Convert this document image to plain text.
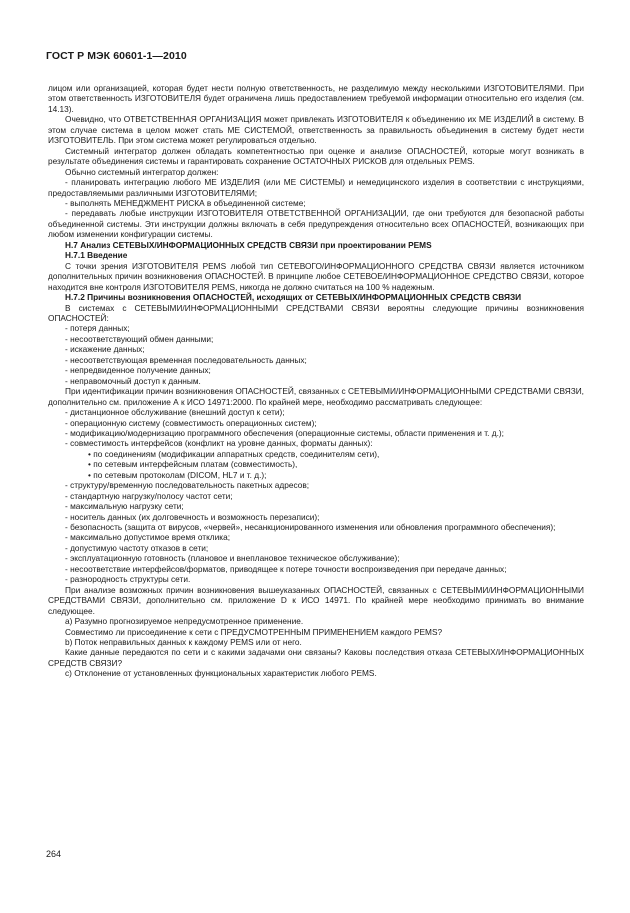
ГОСТ Р МЭК 60601-1—2010

лицом или организацией, которая будет нести полную ответственность, не разделимую между несколькими ИЗГОТОВИТЕЛЯМИ. При этом ответственность ИЗГОТОВИТЕЛЯ будет ограничена лишь предоставлением требуемой информации относительно его изделия (см. 14.13).

Очевидно, что ОТВЕТСТВЕННАЯ ОРГАНИЗАЦИЯ может привлекать ИЗГОТОВИТЕЛЯ к объединению их ME ИЗДЕЛИЙ в систему. В этом случае система в целом может стать ME СИСТЕМОЙ, ответственность за правильность объединения в систему будет нести ИЗГОТОВИТЕЛЬ. При этом система может регулироваться отдельно.

Системный интегратор должен обладать компетентностью при оценке и анализе ОПАСНОСТЕЙ, которые могут возникать в результате объединения системы и гарантировать сохранение ОСТАТОЧНЫХ РИСКОВ для отдельных PEMS.

Обычно системный интегратор должен:

- планировать интеграцию любого ME ИЗДЕЛИЯ (или ME СИСТЕМЫ) и немедицинского изделия в соответствии с инструкциями, предоставляемыми различными ИЗГОТОВИТЕЛЯМИ;

- выполнять МЕНЕДЖМЕНТ РИСКА в объединенной системе;

- передавать любые инструкции ИЗГОТОВИТЕЛЯ ОТВЕТСТВЕННОЙ ОРГАНИЗАЦИИ, где они требуются для безопасной работы объединенной системы. Эти инструкции должны включать в себя предупреждения относительно всех ОПАСНОСТЕЙ, возникающих при любом изменении конфигурации системы.

H.7 Анализ СЕТЕВЫХ/ИНФОРМАЦИОННЫХ СРЕДСТВ СВЯЗИ при проектировании PEMS

H.7.1 Введение

С точки зрения ИЗГОТОВИТЕЛЯ PEMS любой тип СЕТЕВОГО/ИНФОРМАЦИОННОГО СРЕДСТВА СВЯЗИ является источником дополнительных причин возникновения ОПАСНОСТЕЙ. В принципе любое СЕТЕВОЕ/ИНФОРМАЦИОННОЕ СРЕДСТВО СВЯЗИ, которое находится вне контроля ИЗГОТОВИТЕЛЯ PEMS, никогда не должно считаться на 100 % надежным.

H.7.2 Причины возникновения ОПАСНОСТЕЙ, исходящих от СЕТЕВЫХ/ИНФОРМАЦИОННЫХ СРЕДСТВ СВЯЗИ

В системах с СЕТЕВЫМИ/ИНФОРМАЦИОННЫМИ СРЕДСТВАМИ СВЯЗИ вероятны следующие причины возникновения ОПАСНОСТЕЙ:

- потеря данных;

- несоответствующий обмен данными;

- искажение данных;

- несоответствующая временная последовательность данных;

- непредвиденное получение данных;

- неправомочный доступ к данным.

При идентификации причин возникновения ОПАСНОСТЕЙ, связанных с СЕТЕВЫМИ/ИНФОРМАЦИОННЫМИ СРЕДСТВАМИ СВЯЗИ, дополнительно см. приложение А к ИСО 14971:2000. По крайней мере, необходимо рассматривать следующее:

- дистанционное обслуживание (внешний доступ к сети);

- операционную систему (совместимость операционных систем);

- модификацию/модернизацию программного обеспечения (операционные системы, области применения и т. д.);

- совместимость интерфейсов (конфликт на уровне данных, форматы данных):

• по соединениям (модификации аппаратных средств, соединителям сети),

• по сетевым интерфейсным платам (совместимость),

• по сетевым протоколам (DICOM, HL7 и т. д.);

- структуру/временную последовательность пакетных адресов;

- стандартную нагрузку/полосу частот сети;

- максимальную нагрузку сети;

- носитель данных (их долговечность и возможность перезаписи);

- безопасность (защита от вирусов, «червей», несанкционированного изменения или обновления программного обеспечения);

- максимально допустимое время отклика;

- допустимую частоту отказов в сети;

- эксплуатационную готовность (плановое и внеплановое техническое обслуживание);

- несоответствие интерфейсов/форматов, приводящее к потере точности воспроизведения при передаче данных;

- разнородность структуры сети.

При анализе возможных причин возникновения вышеуказанных ОПАСНОСТЕЙ, связанных с СЕТЕВЫМИ/ИНФОРМАЦИОННЫМИ СРЕДСТВАМИ СВЯЗИ, дополнительно см. приложение D к ИСО 14971. По крайней мере необходимо принимать во внимание следующее.

a) Разумно прогнозируемое непредусмотренное применение.

Совместимо ли присоединение к сети с ПРЕДУСМОТРЕННЫМ ПРИМЕНЕНИЕМ каждого PEMS?

b) Поток неправильных данных к каждому PEMS или от него.

Какие данные передаются по сети и с какими задачами они связаны? Каковы последствия отказа СЕТЕВЫХ/ИНФОРМАЦИОННЫХ СРЕДСТВ СВЯЗИ?

c) Отклонение от установленных функциональных характеристик любого PEMS.

264
